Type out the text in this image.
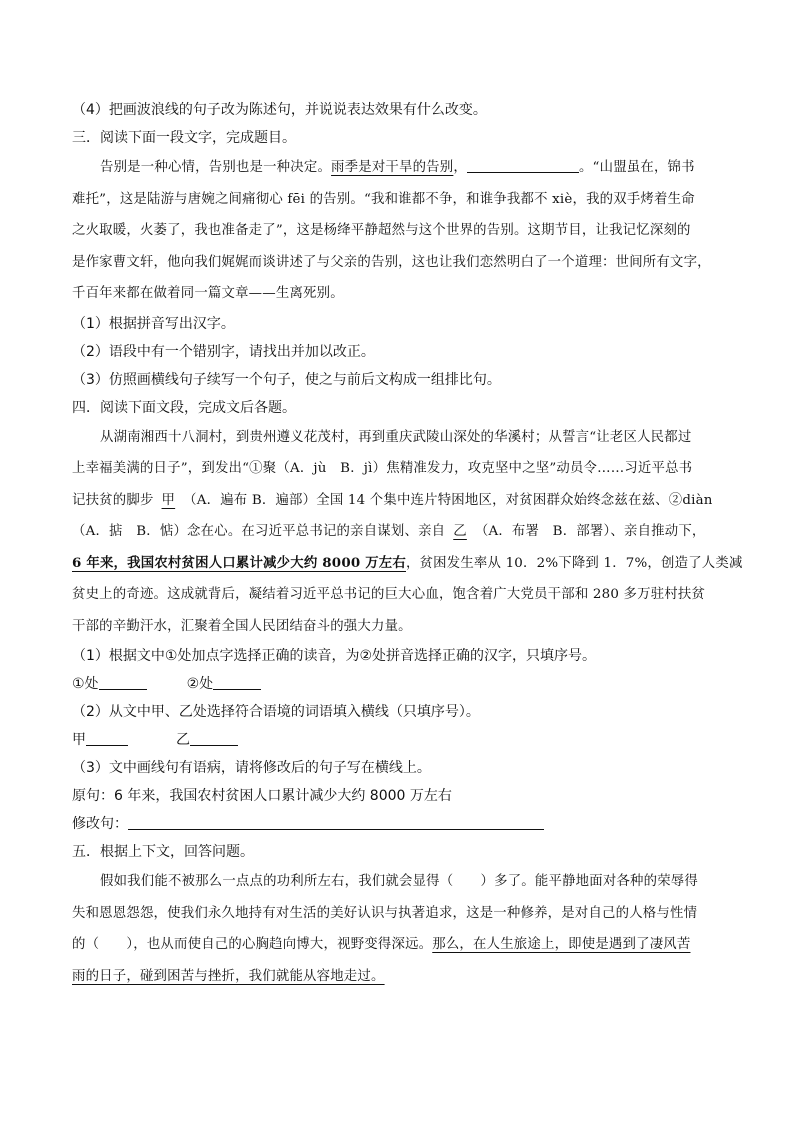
（4）把画波浪线的句子改为陈述句，并说说表达效果有什么改变。
三．阅读下面一段文字，完成题目。
告别是一种心情，告别也是一种决定。雨季是对干旱的告别，	。“山盟虽在，锦书
难托”，这是陆游与唐婉之间痛彻心 fēi 的告别。“我和谁都不争，和谁争我都不 xiè，我的双手烤着生命
之火取暖，火萎了，我也准备走了”，这是杨绛平静超然与这个世界的告别。这期节目，让我记忆深刻的
是作家曹文轩，他向我们娓娓而谈讲述了与父亲的告别，这也让我们恋然明白了一个道理：世间所有文字，
千百年来都在做着同一篇文章——生离死别。
（1）根据拼音写出汉字。
（2）语段中有一个错别字，请找出并加以改正。
（3）仿照画横线句子续写一个句子，使之与前后文构成一组排比句。
四．阅读下面文段，完成文后各题。
从湖南湘西十八洞村，到贵州遵义花茂村，再到重庆武陵山深处的华溪村；从誓言“让老区人民都过
上幸福美满的日子”，到发出“①聚（A．jù　B．jì）焦精准发力，攻克坚中之坚”动员令……习近平总书
记扶贫的脚步 甲 （A．遍布 B．遍部）全国 14 个集中连片特困地区，对贫困群众始终念兹在兹、②diàn
（A．掂　B．惦）念在心。在习近平总书记的亲自谋划、亲自 乙 （A．布署　B．部署）、亲自推动下，
6 年来，我国农村贫困人口累计减少大约 8000 万左右，贫困发生率从 10．2%下降到 1．7%，创造了人类减
贫史上的奇迹。这成就背后，凝结着习近平总书记的巨大心血，饱含着广大党员干部和 280 多万驻村扶贫
干部的辛勤汗水，汇聚着全国人民团结奋斗的强大力量。
（1）根据文中①处加点字选择正确的读音，为②处拼音选择正确的汉字，只填序号。
①处	②处
（2）从文中甲、乙处选择符合语境的词语填入横线（只填序号）。
甲	乙
（3）文中画线句有语病，请将修改后的句子写在横线上。
原句：6 年来，我国农村贫困人口累计减少大约 8000 万左右
修改句：
五．根据上下文，回答问题。
假如我们能不被那么一点点的功利所左右，我们就会显得（　　）多了。能平静地面对各种的荣辱得
失和恩恩怨怨，使我们永久地持有对生活的美好认识与执著追求，这是一种修养，是对自己的人格与性情
的（　　），也从而使自己的心胸趋向博大，视野变得深远。那么，在人生旅途上，即使是遇到了凄风苦
雨的日子，碰到困苦与挫折，我们就能从容地走过。
